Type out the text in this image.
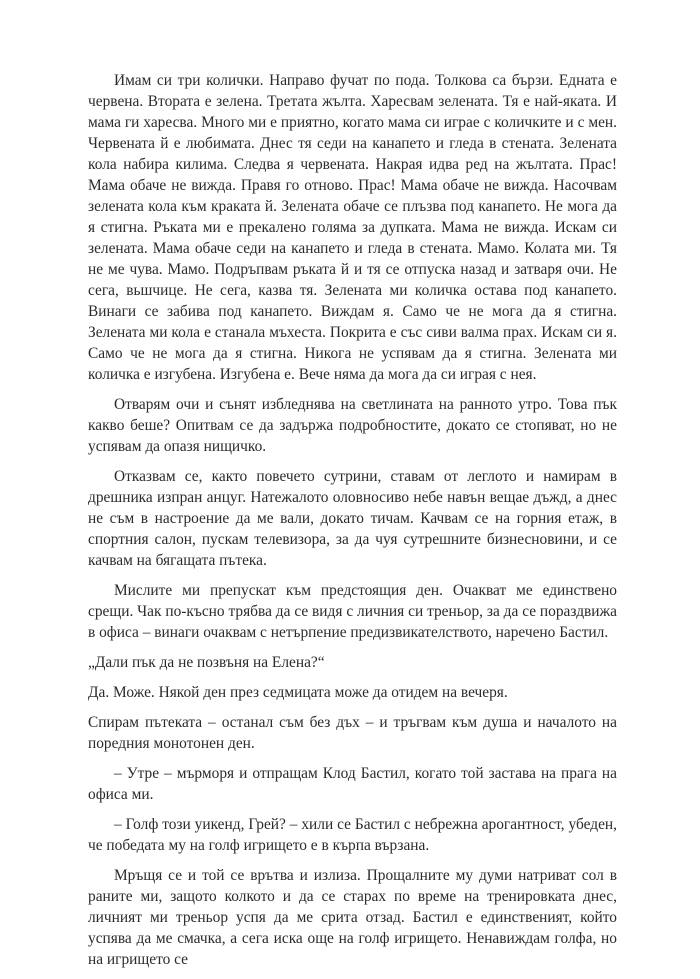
Имам си три колички. Направо фучат по пода. Толкова са бързи. Едната е червена. Втората е зелена. Третата жълта. Харесвам зелената. Тя е най-яката. И мама ги харесва. Много ми е приятно, когато мама си играе с количките и с мен. Червената й е любимата. Днес тя седи на канапето и гледа в стената. Зелената кола набира килима. Следва я червената. Накрая идва ред на жълтата. Прас! Мама обаче не вижда. Правя го отново. Прас! Мама обаче не вижда. Насочвам зелената кола към краката й. Зелената обаче се плъзва под канапето. Не мога да я стигна. Ръката ми е прекалено голяма за дупката. Мама не вижда. Искам си зелената. Мама обаче седи на канапето и гледа в стената. Мамо. Колата ми. Тя не ме чува. Мамо. Подръпвам ръката й и тя се отпуска назад и затваря очи. Не сега, вьшчице. Не сега, казва тя. Зелената ми количка остава под канапето. Винаги се забива под канапето. Виждам я. Само че не мога да я стигна. Зелената ми кола е станала мъхеста. Покрита е със сиви валма прах. Искам си я. Само че не мога да я стигна. Никога не успявам да я стигна. Зелената ми количка е изгубена. Изгубена е. Вече няма да мога да си играя с нея.

Отварям очи и сънят избледнява на светлината на ранното утро. Това пък какво беше? Опитвам се да задържа подробностите, докато се стопяват, но не успявам да опазя нищичко.

Отказвам се, както повечето сутрини, ставам от леглото и намирам в дрешника изпран анцуг. Натежалото оловносиво небе навън вещае дъжд, а днес не съм в настроение да ме вали, докато тичам. Качвам се на горния етаж, в спортния салон, пускам телевизора, за да чуя сутрешните бизнесновини, и се качвам на бягащата пътека.

Мислите ми препускат към предстоящия ден. Очакват ме единствено срещи. Чак по-късно трябва да се видя с личния си треньор, за да се пораздвижа в офиса – винаги очаквам с нетърпение предизвикателството, наречено Бастил.

„Дали пък да не позвъня на Елена?“

Да. Може. Някой ден през седмицата може да отидем на вечеря.

Спирам пътеката – останал съм без дъх – и тръгвам към душа и началото на поредния монотонен ден.

– Утре – мърморя и отпращам Клод Бастил, когато той застава на прага на офиса ми.

– Голф този уикенд, Грей? – хили се Бастил с небрежна арогантност, убеден, че победата му на голф игрището е в кърпа вързана.

Мръщя се и той се врътва и излиза. Прощалните му думи натриват сол в раните ми, защото колкото и да се старах по време на тренировката днес, личният ми треньор успя да ме срита отзад. Бастил е единственият, който успява да ме смачка, а сега иска още на голф игрището. Ненавиждам голфа, но на игрището се
